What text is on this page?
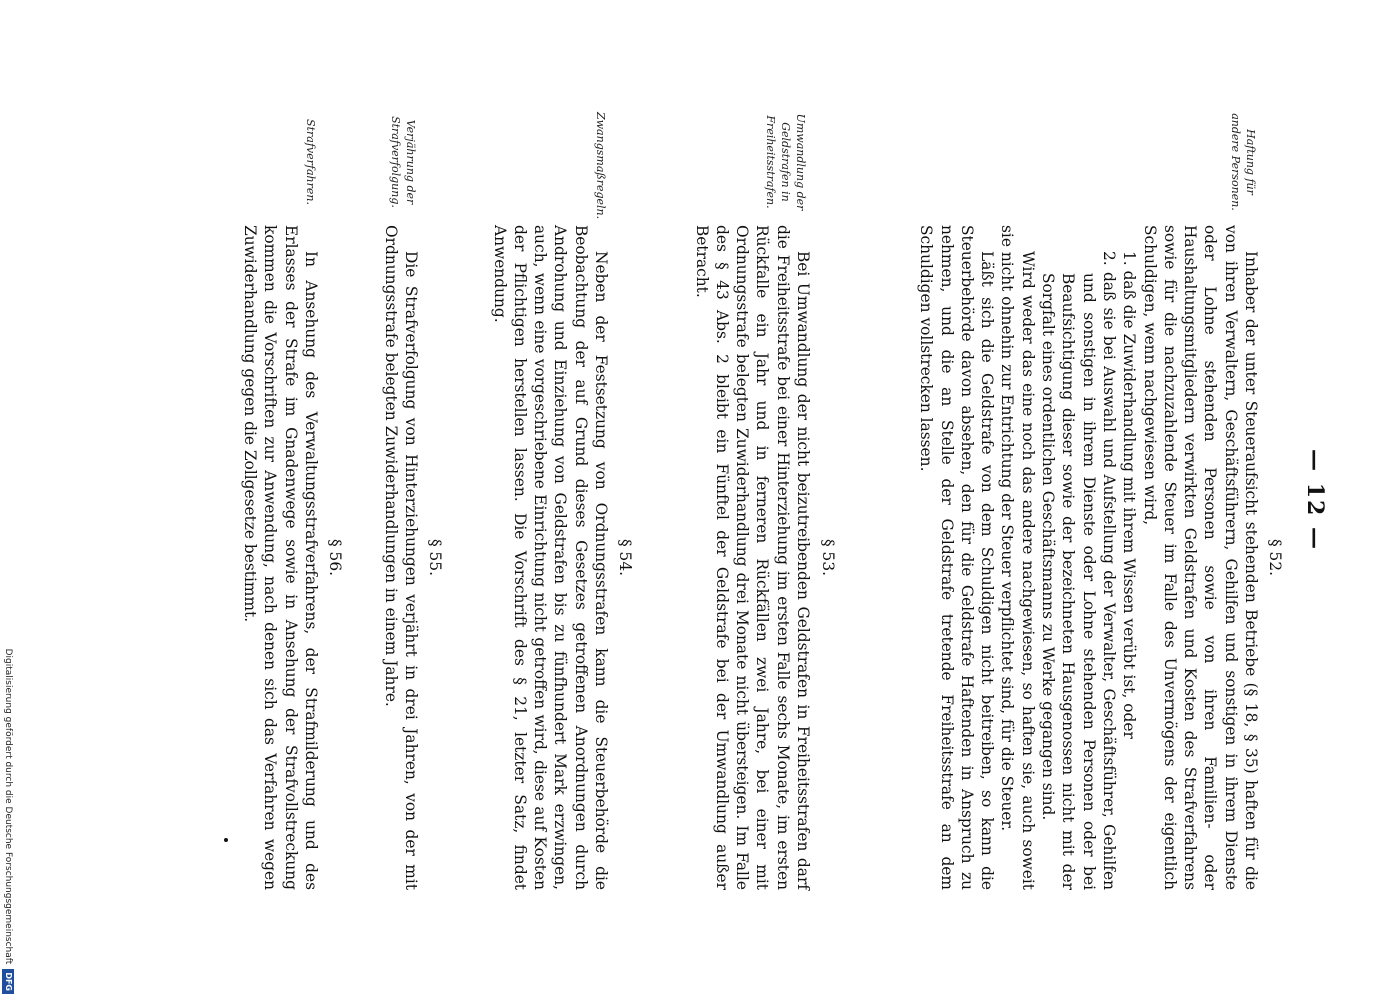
— 12 —
§ 52.
Haftung für andere Personen.

Inhaber der unter Steueraufsicht stehenden Betriebe (§ 18, § 35) haften für die von ihren Verwaltern, Geschäftsführern, Gehilfen und sonstigen in ihrem Dienste oder Lohne stehenden Personen sowie von ihren Familien- oder Haushaltungsmitgliedern verwirkten Geldstrafen und Kosten des Strafverfahrens sowie für die nachzuzahlende Steuer im Falle des Unvermögens der eigentlich Schuldigen, wenn nachgewiesen wird,

1. daß die Zuwiderhandlung mit ihrem Wissen verübt ist, oder

2. daß sie bei Auswahl und Aufstellung der Verwalter, Geschäftsführer, Gehilfen und sonstigen in ihrem Dienste oder Lohne stehenden Personen oder bei Beaufsichtigung dieser sowie der bezeichneten Hausgenossen nicht mit der Sorgfalt eines ordentlichen Geschäftsmanns zu Werke gegangen sind.

Wird weder das eine noch das andere nachgewiesen, so haften sie, auch soweit sie nicht ohnehin zur Entrichtung der Steuer verpflichtet sind, für die Steuer.

Läßt sich die Geldstrafe von dem Schuldigen nicht beitreiben, so kann die Steuerbehörde davon absehen, den für die Geldstrafe Haftenden in Anspruch zu nehmen, und die an Stelle der Geldstrafe tretende Freiheitsstrafe an dem Schuldigen vollstrecken lassen.

§ 53.
Umwandlung der Geldstrafen in Freiheitsstrafen.

Bei Umwandlung der nicht beizutreibenden Geldstrafen in Freiheitsstrafen darf die Freiheitsstrafe bei einer Hinterziehung im ersten Falle sechs Monate, im ersten Rückfalle ein Jahr und in ferneren Rückfällen zwei Jahre, bei einer mit Ordnungsstrafe belegten Zuwiderhandlung drei Monate nicht übersteigen. Im Falle des § 43 Abs. 2 bleibt ein Fünftel der Geldstrafe bei der Umwandlung außer Betracht.

§ 54.
Zwangsmaßregeln.

Neben der Festsetzung von Ordnungsstrafen kann die Steuerbehörde die Beobachtung der auf Grund dieses Gesetzes getroffenen Anordnungen durch Androhung und Einziehung von Geldstrafen bis zu fünfhundert Mark erzwingen, auch, wenn eine vorgeschriebene Einrichtung nicht getroffen wird, diese auf Kosten der Pflichtigen herstellen lassen. Die Vorschrift des § 21, letzter Satz, findet Anwendung.

§ 55.
Verjährung der Strafverfolgung.

Die Strafverfolgung von Hinterziehungen verjährt in drei Jahren, von der mit Ordnungsstrafe belegten Zuwiderhandlungen in einem Jahre.

§ 56.
Strafverfahren.

In Ansehung des Verwaltungsstrafverfahrens, der Strafmilderung und des Erlasses der Strafe im Gnadenwege sowie in Ansehung der Strafvollstreckung kommen die Vorschriften zur Anwendung, nach denen sich das Verfahren wegen Zuwiderhandlung gegen die Zollgesetze bestimmt.

Digitalisierung gefördert durch die Deutsche Forschungsgemeinschaft
DFG
